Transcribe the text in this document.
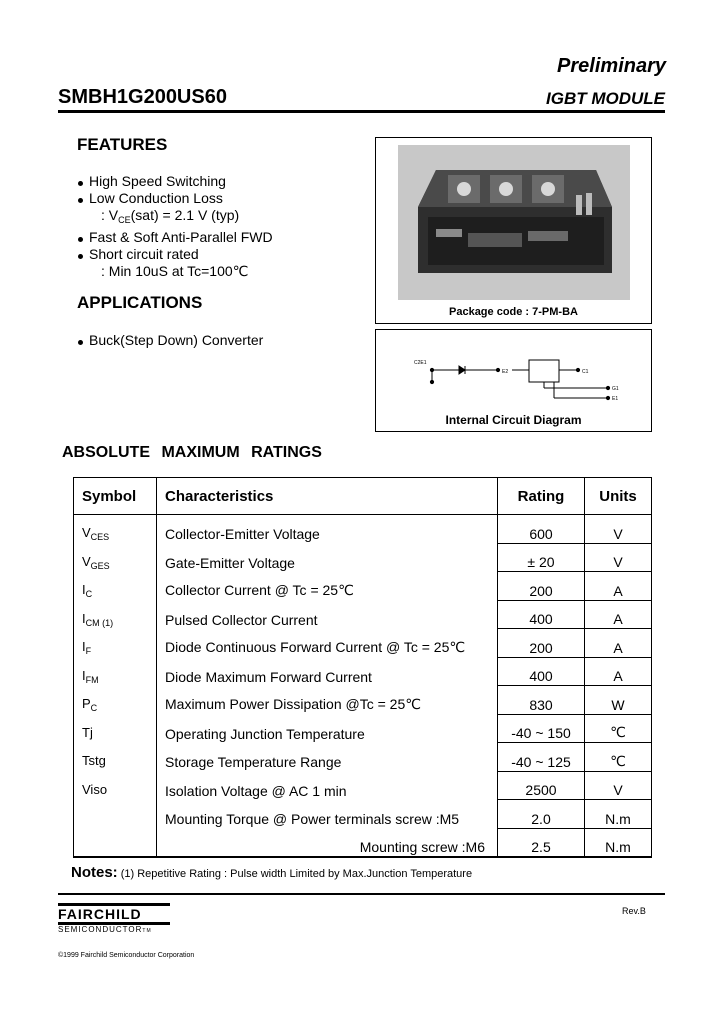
Preliminary
SMBH1G200US60	IGBT MODULE
FEATURES
High Speed Switching
Low Conduction Loss
: $V_{CE}(sat) = 2.1$ V (typ)
Fast & Soft Anti-Parallel FWD
Short circuit rated
: Min 10uS at Tc=100℃
APPLICATIONS
Buck(Step Down) Converter
Package code : 7-PM-BA
C2E1
E2	C1
G1
E1
Internal Circuit Diagram
ABSOLUTE MAXIMUM RATINGS
Symbol	Characteristics	Rating	Units
$V_{CES}$	Collector-Emitter Voltage	600	V
$V_{GES}$	Gate-Emitter Voltage	± 20	V
$I_C$	Collector Current @ Tc = 25℃	200	A
$I_{CM (1)}$	Pulsed Collector Current	400	A
$I_F$	Diode Continuous Forward Current @ Tc = 25℃	200	A
$I_{FM}$	Diode Maximum Forward Current	400	A
$P_C$	Maximum Power Dissipation @Tc = 25℃	830	W
Tj	Operating Junction Temperature	-40 ~ 150	℃
Tstg	Storage Temperature Range	-40 ~ 125	℃
Viso	Isolation Voltage @ AC 1 min	2500	V
	Mounting Torque @ Power terminals screw :M5	2.0	N.m
	Mounting screw :M6	2.5	N.m
Notes: (1) Repetitive Rating : Pulse width Limited by Max.Junction Temperature
FAIRCHILD
SEMICONDUCTORTM
Rev.B
©1999 Fairchild Semiconductor Corporation
